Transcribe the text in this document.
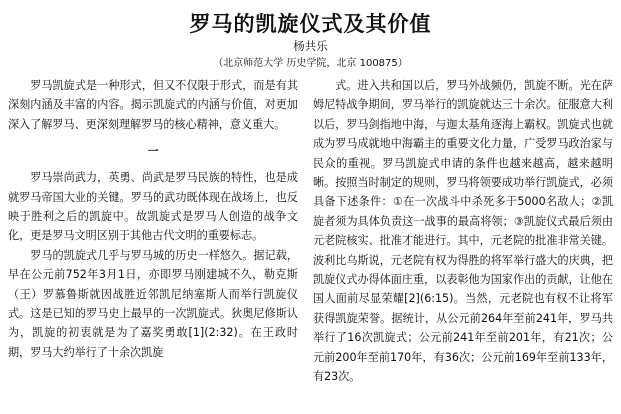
罗马的凯旋仪式及其价值
杨共乐
（北京师范大学 历史学院，北京 100875）

罗马凯旋式是一种形式，但又不仅限于形式，而是有其深刻内涵及丰富的内容。揭示凯旋式的内涵与价值，对更加深入了解罗马、更深刻理解罗马的核心精神，意义重大。

一

罗马崇尚武力，英勇、尚武是罗马民族的特性，也是成就罗马帝国大业的关键。罗马的武功既体现在战场上，也反映于胜利之后的凯旋中。故凯旋式是罗马人创造的战争文化，更是罗马文明区别于其他古代文明的重要标志。

罗马的凯旋式几乎与罗马城的历史一样悠久。据记载，早在公元前752年3月1日，亦即罗马刚建城不久，勒克斯（王）罗慕鲁斯就因战胜近邻凯尼纳塞斯人而举行凯旋仪式。这是已知的罗马史上最早的一次凯旋式。狄奥尼修斯认为，凯旋的初衷就是为了嘉奖勇敢[1](2:32)。在王政时期，罗马大约举行了十余次凯旋

式。进入共和国以后，罗马外战频仍，凯旋不断。光在萨姆尼特战争期间，罗马举行的凯旋就达三十余次。征服意大利以后，罗马剑指地中海，与迦太基角逐海上霸权。凯旋式也就成为罗马成就地中海霸主的重要文化力量，广受罗马政治家与民众的重视。罗马凯旋式申请的条件也越来越高，越来越明晰。按照当时制定的规则，罗马将领要成功举行凯旋式，必须具备下述条件：①在一次战斗中杀死多于5000名敌人；②凯旋者须为具体负责这一战事的最高将领；③凯旋仪式最后须由元老院核实、批准才能进行。其中，元老院的批准非常关键。波利比乌斯说，元老院有权为得胜的将军举行盛大的庆典，把凯旋仪式办得体面庄重，以表彰他为国家作出的贡献，让他在国人面前尽显荣耀[2](6:15)。当然，元老院也有权不让将军获得凯旋荣誉。据统计，从公元前264年至前241年，罗马共举行了16次凯旋式；公元前241年至前201年，有21次；公元前200年至前170年，有36次；公元前169年至前133年，有23次。
